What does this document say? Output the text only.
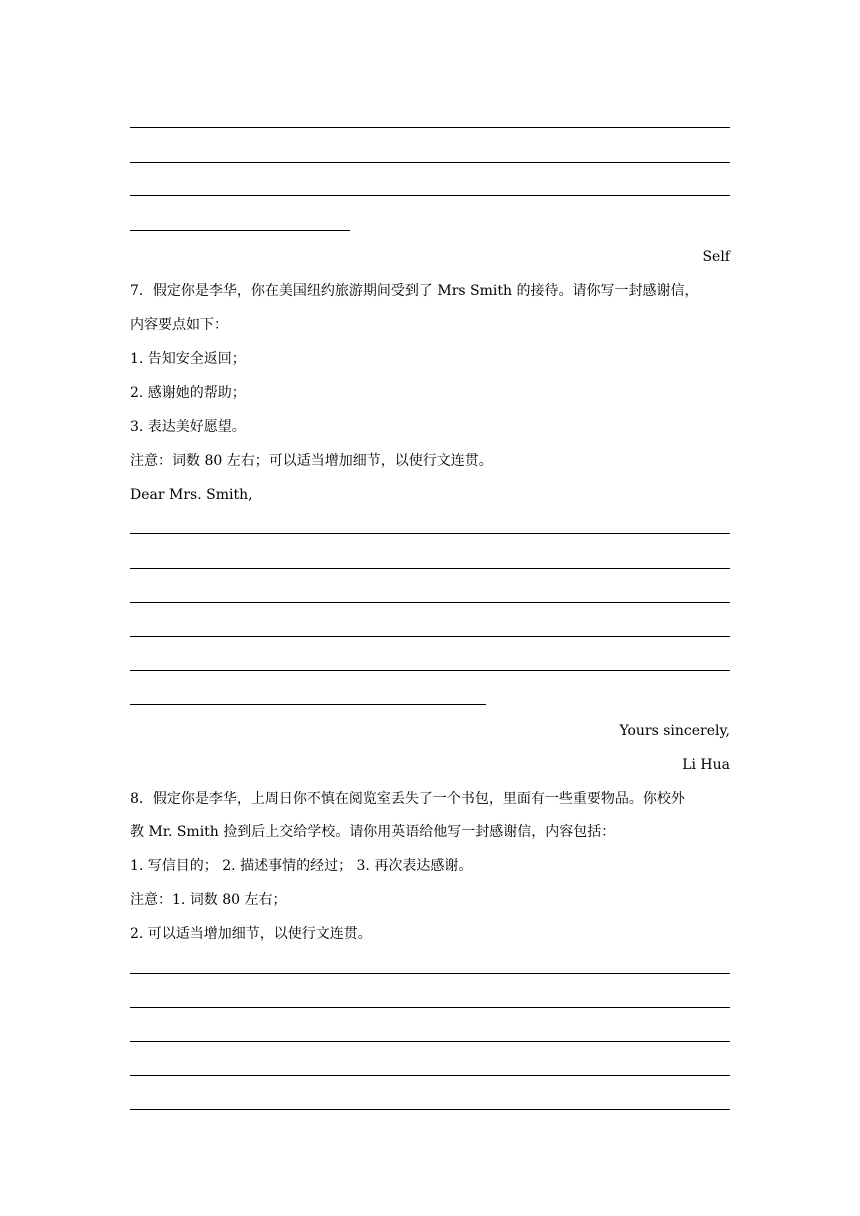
Self
7．假定你是李华，你在美国纽约旅游期间受到了 Mrs Smith 的接待。请你写一封感谢信，
内容要点如下：
1. 告知安全返回；
2. 感谢她的帮助；
3. 表达美好愿望。
注意：词数 80 左右；可以适当增加细节，以使行文连贯。
Dear Mrs. Smith,
Yours sincerely,
Li Hua
8．假定你是李华，上周日你不慎在阅览室丢失了一个书包，里面有一些重要物品。你校外
教 Mr. Smith 捡到后上交给学校。请你用英语给他写一封感谢信，内容包括：
1. 写信目的； 2. 描述事情的经过； 3. 再次表达感谢。
注意：1. 词数 80 左右；
2. 可以适当增加细节，以使行文连贯。
